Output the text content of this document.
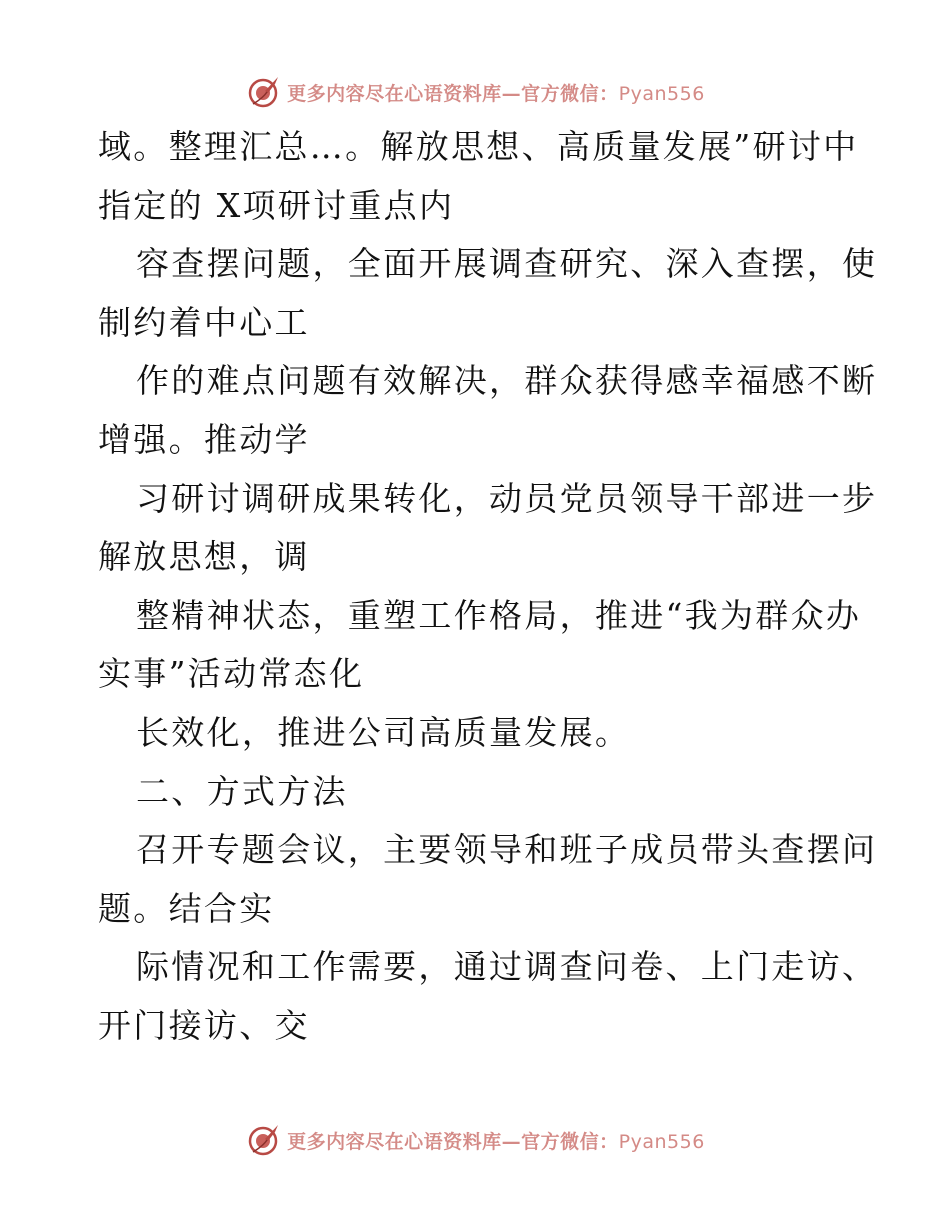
更多内容尽在心语资料库—官方微信：Pyan556
域。整理汇总…。解放思想、高质量发展”研讨中
指定的 X项研讨重点内
容查摆问题，全面开展调查研究、深入查摆，使
制约着中心工
作的难点问题有效解决，群众获得感幸福感不断
增强。推动学
习研讨调研成果转化，动员党员领导干部进一步
解放思想，调
整精神状态，重塑工作格局，推进“我为群众办
实事”活动常态化
长效化，推进公司高质量发展。
二、方式方法
召开专题会议，主要领导和班子成员带头查摆问
题。结合实
际情况和工作需要，通过调查问卷、上门走访、
开门接访、交
更多内容尽在心语资料库—官方微信：Pyan556
